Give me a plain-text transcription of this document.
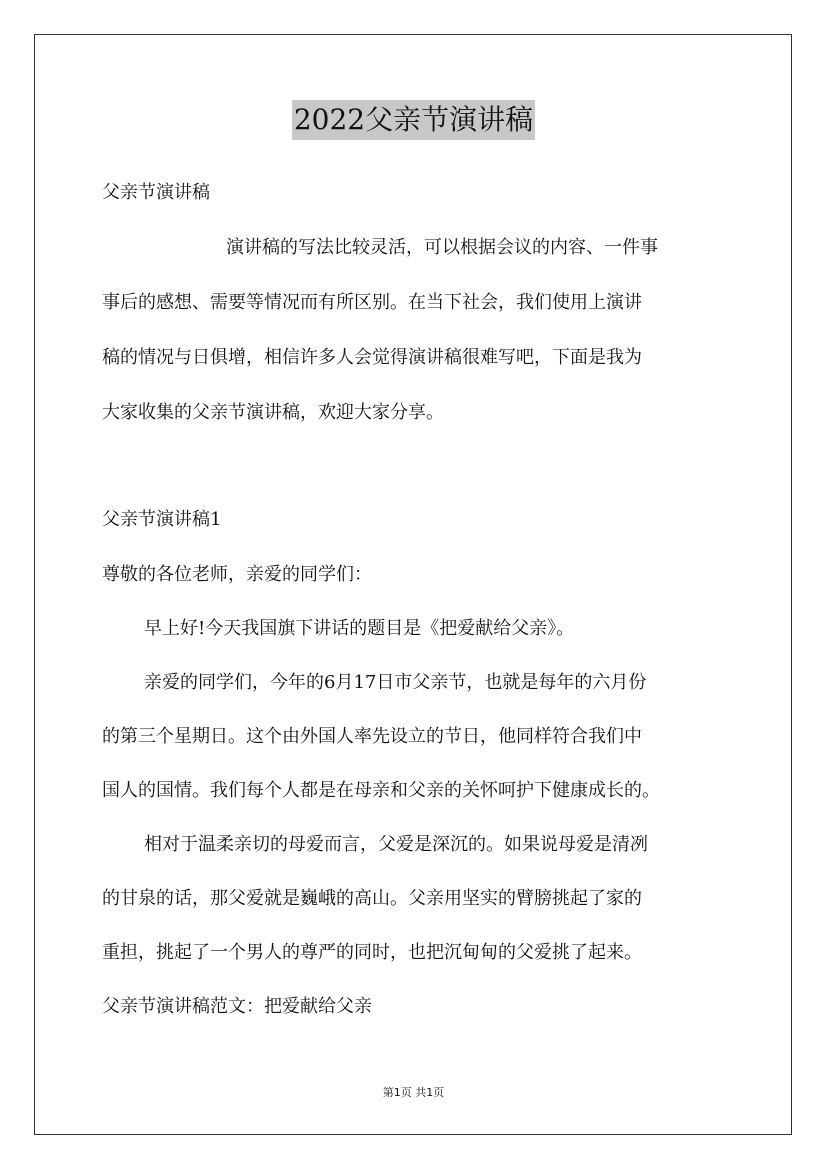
2022父亲节演讲稿
父亲节演讲稿
演讲稿的写法比较灵活，可以根据会议的内容、一件事
事后的感想、需要等情况而有所区别。在当下社会，我们使用上演讲
稿的情况与日俱增，相信许多人会觉得演讲稿很难写吧，下面是我为
大家收集的父亲节演讲稿，欢迎大家分享。
父亲节演讲稿1
尊敬的各位老师，亲爱的同学们：
早上好!今天我国旗下讲话的题目是《把爱献给父亲》。
亲爱的同学们，今年的6月17日市父亲节，也就是每年的六月份
的第三个星期日。这个由外国人率先设立的节日，他同样符合我们中
国人的国情。我们每个人都是在母亲和父亲的关怀呵护下健康成长的。
相对于温柔亲切的母爱而言，父爱是深沉的。如果说母爱是清冽
的甘泉的话，那父爱就是巍峨的高山。父亲用坚实的臂膀挑起了家的
重担，挑起了一个男人的尊严的同时，也把沉甸甸的父爱挑了起来。
父亲节演讲稿范文：把爱献给父亲
第1页 共1页
